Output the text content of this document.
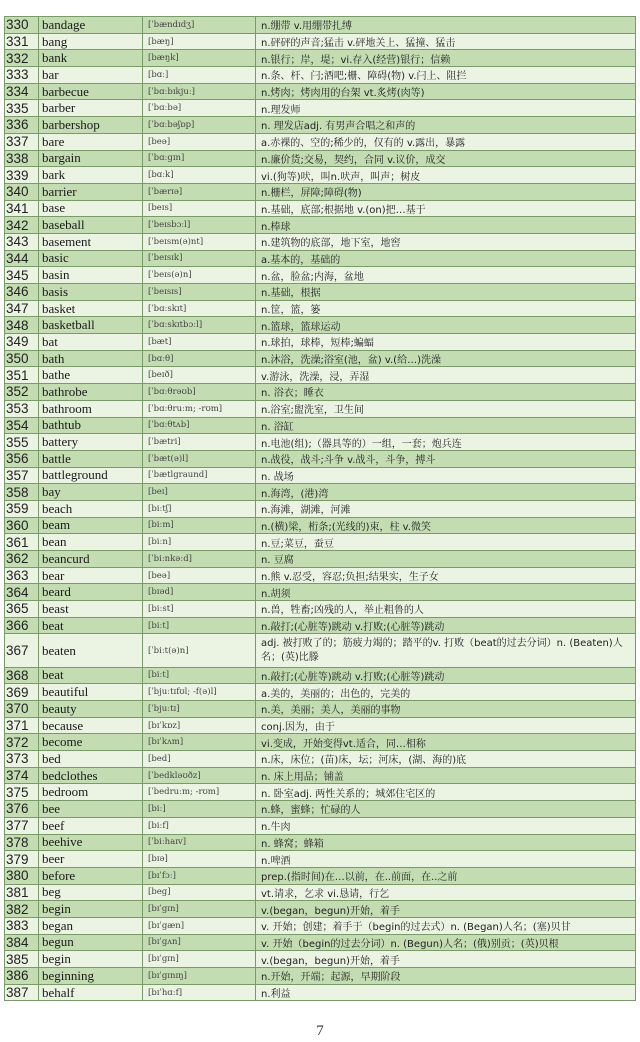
330	bandage	[ˈbændɪdʒ]	n.绷带 v.用绷带扎缚
331	bang	[bæŋ]	n.砰砰的声音;猛击 v.砰地关上、猛撞、猛击
332	bank	[bæŋk]	n.银行；岸，堤；vi.存入(经营)银行；信赖
333	bar	[bɑː]	n.条、杆、闩;酒吧;栅、障碍(物) v.闩上、阻拦
334	barbecue	[ˈbɑːbɪkjuː]	n.烤肉；烤肉用的台架 vt.炙烤(肉等)
335	barber	[ˈbɑːbə]	n.理发师
336	barbershop	[ˈbɑːbəʃɒp]	n. 理发店adj. 有男声合唱之和声的
337	bare	[beə]	a.赤裸的、空的;稀少的，仅有的 v.露出，暴露
338	bargain	[ˈbɑːgɪn]	n.廉价货;交易，契约，合同 v.议价，成交
339	bark	[bɑːk]	vi.(狗等)吠，叫n.吠声，叫声；树皮
340	barrier	[ˈbærɪə]	n.栅栏，屏障;障碍(物)
341	base	[beɪs]	n.基础，底部;根据地 v.(on)把…基于
342	baseball	[ˈbeɪsbɔːl]	n.棒球
343	basement	[ˈbeɪsm(ə)nt]	n.建筑物的底部，地下室，地窖
344	basic	[ˈbeɪsɪk]	a.基本的，基础的
345	basin	[ˈbeɪs(ə)n]	n.盆，脸盆;内海，盆地
346	basis	[ˈbeɪsɪs]	n.基础，根据
347	basket	[ˈbɑːskɪt]	n.筐，篮，篓
348	basketball	[ˈbɑːskɪtbɔːl]	n.篮球，篮球运动
349	bat	[bæt]	n.球拍，球棒，短棒;蝙蝠
350	bath	[bɑːθ]	n.沐浴，洗澡;浴室(池，盆) v.(给…)洗澡
351	bathe	[beɪð]	v.游泳，洗澡，浸，弄湿
352	bathrobe	[ˈbɑːθrəʊb]	n. 浴衣；睡衣
353	bathroom	[ˈbɑːθruːm; -rʊm]	n.浴室;盥洗室，卫生间
354	bathtub	[ˈbɑːθtʌb]	n. 浴缸
355	battery	[ˈbætri]	n.电池(组);（器具等的）一组，一套；炮兵连
356	battle	[ˈbæt(ə)l]	n.战役，战斗;斗争 v.战斗，斗争，搏斗
357	battleground	[ˈbætlgraund]	n. 战场
358	bay	[beɪ]	n.海湾，(港)湾
359	beach	[biːtʃ]	n.海滩，湖滩，河滩
360	beam	[biːm]	n.(横)梁，桁条;(光线的)束，柱 v.微笑
361	bean	[biːn]	n.豆;菜豆，蚕豆
362	beancurd	[ˈbiːnkəːd]	n. 豆腐
363	bear	[beə]	n.熊 v.忍受，容忍;负担;结果实，生子女
364	beard	[bɪəd]	n.胡须
365	beast	[biːst]	n.兽，牲畜;凶残的人，举止粗鲁的人
366	beat	[biːt]	n.敲打;(心脏等)跳动 v.打败;(心脏等)跳动
367	beaten	[ˈbiːt(ə)n]
adj. 被打败了的；筋疲力竭的；踏平的v. 打败（beat的过去分词）n. (Beaten)人名；(英)比滕
368	beat	[biːt]	n.敲打;(心脏等)跳动 v.打败;(心脏等)跳动
369	beautiful	[ˈbjuːtɪfʊl; -f(ə)l]	a.美的，美丽的；出色的，完美的
370	beauty	[ˈbjuːtɪ]	n.美，美丽；美人，美丽的事物
371	because	[bɪˈkɒz]	conj.因为，由于
372	become	[bɪˈkʌm]	vi.变成，开始变得vt.适合，同…相称
373	bed	[bed]	n.床，床位；(苗)床，坛；河床，(湖、海的)底
374	bedclothes	[ˈbedkləʊðz]	n. 床上用品；铺盖
375	bedroom	[ˈbedruːm; -rʊm]	n. 卧室adj. 两性关系的；城郊住宅区的
376	bee	[biː]	n.蜂，蜜蜂；忙碌的人
377	beef	[biːf]	n.牛肉
378	beehive	[ˈbiːhaɪv]	n. 蜂窝；蜂箱
379	beer	[bɪə]	n.啤酒
380	before	[bɪˈfɔː]	prep.(指时间)在…以前，在..前面，在..之前
381	beg	[beg]	vt.请求，乞求 vi.恳请，行乞
382	begin	[bɪˈgɪn]	v.(began，begun)开始，着手
383	began	[bɪˈgæn]	v. 开始；创建；着手于（begin的过去式）n. (Began)人名；(塞)贝甘
384	begun	[bɪˈgʌn]	v. 开始（begin的过去分词）n. (Begun)人名；(俄)别贡；(英)贝根
385	begin	[bɪˈgɪn]	v.(began，begun)开始，着手
386	beginning	[bɪˈgɪnɪŋ]	n.开始，开端；起源，早期阶段
387	behalf	[bɪˈhɑːf]	n.利益
7
